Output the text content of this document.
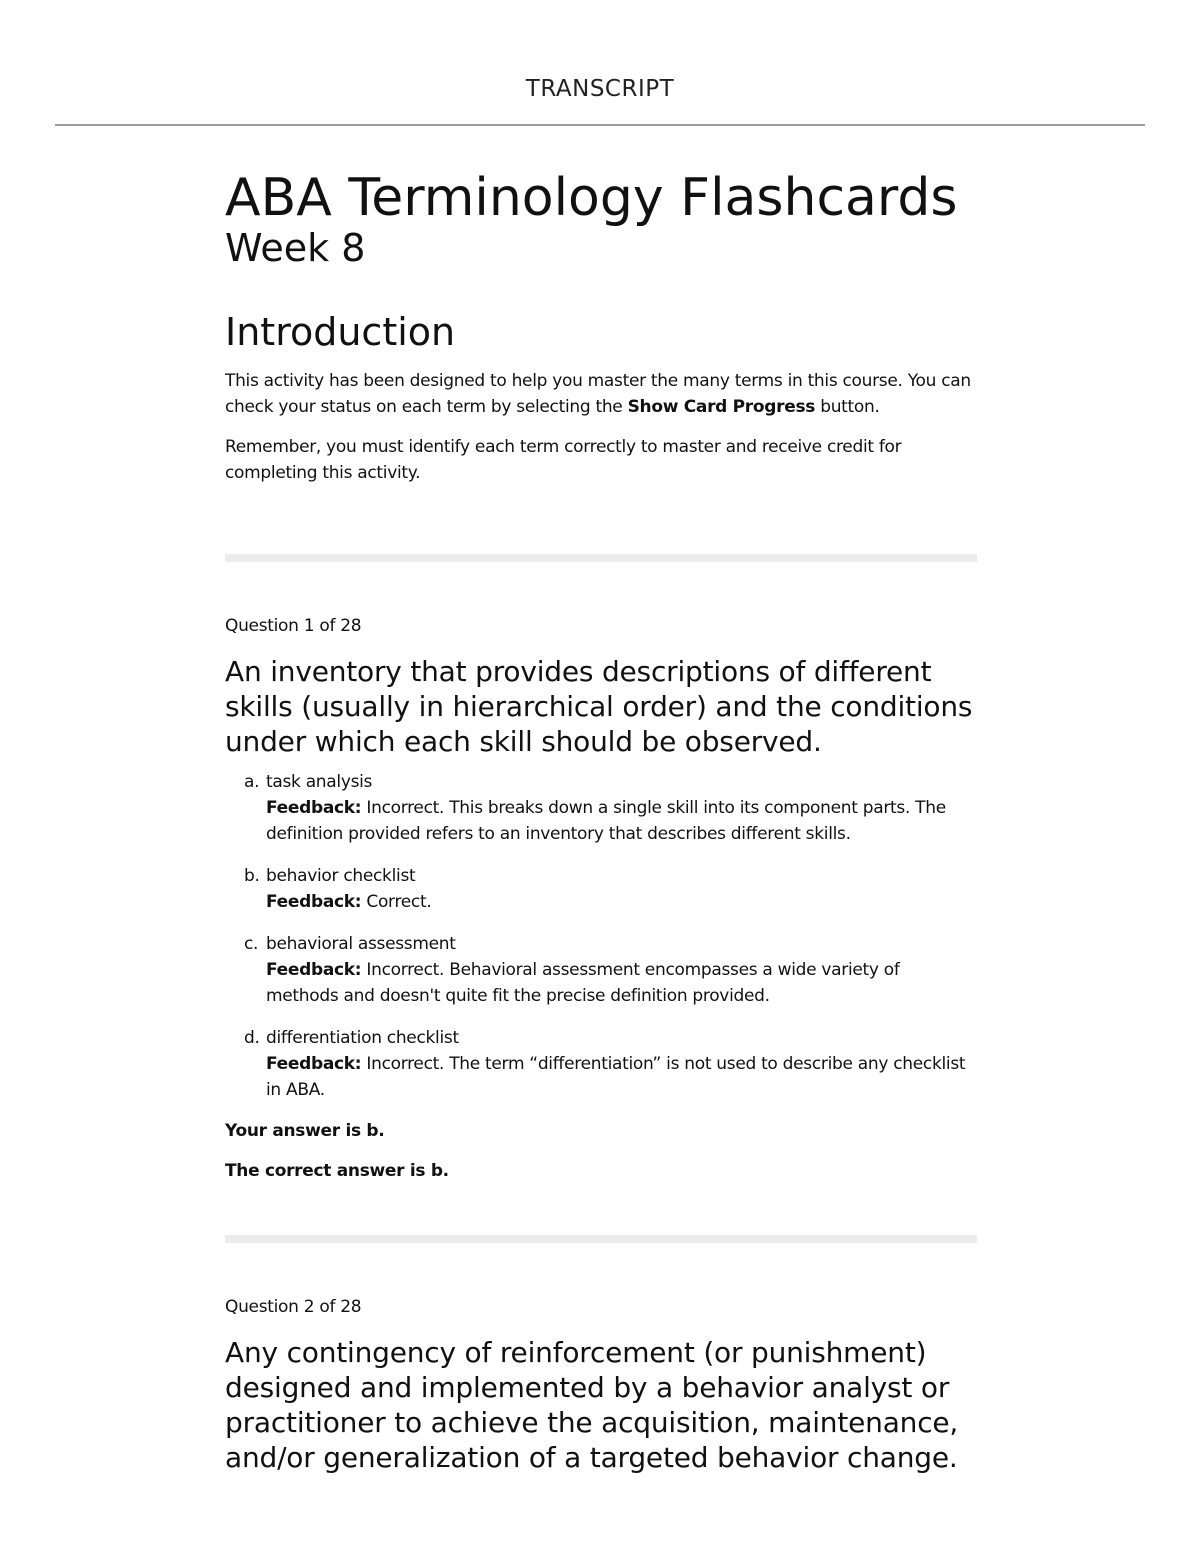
TRANSCRIPT
ABA Terminology Flashcards
Week 8
Introduction

This activity has been designed to help you master the many terms in this course. You can check your status on each term by selecting the Show Card Progress button.

Remember, you must identify each term correctly to master and receive credit for completing this activity.

Question 1 of 28

An inventory that provides descriptions of different skills (usually in hierarchical order) and the conditions under which each skill should be observed.

a. task analysis

Feedback: Incorrect. This breaks down a single skill into its component parts. The definition provided refers to an inventory that describes different skills.

b. behavior checklist

Feedback: Correct.

c. behavioral assessment

Feedback: Incorrect. Behavioral assessment encompasses a wide variety of methods and doesn't quite fit the precise definition provided.

d. differentiation checklist

Feedback: Incorrect. The term “differentiation” is not used to describe any checklist in ABA.

Your answer is b.

The correct answer is b.

Question 2 of 28

Any contingency of reinforcement (or punishment) designed and implemented by a behavior analyst or practitioner to achieve the acquisition, maintenance, and/or generalization of a targeted behavior change.
